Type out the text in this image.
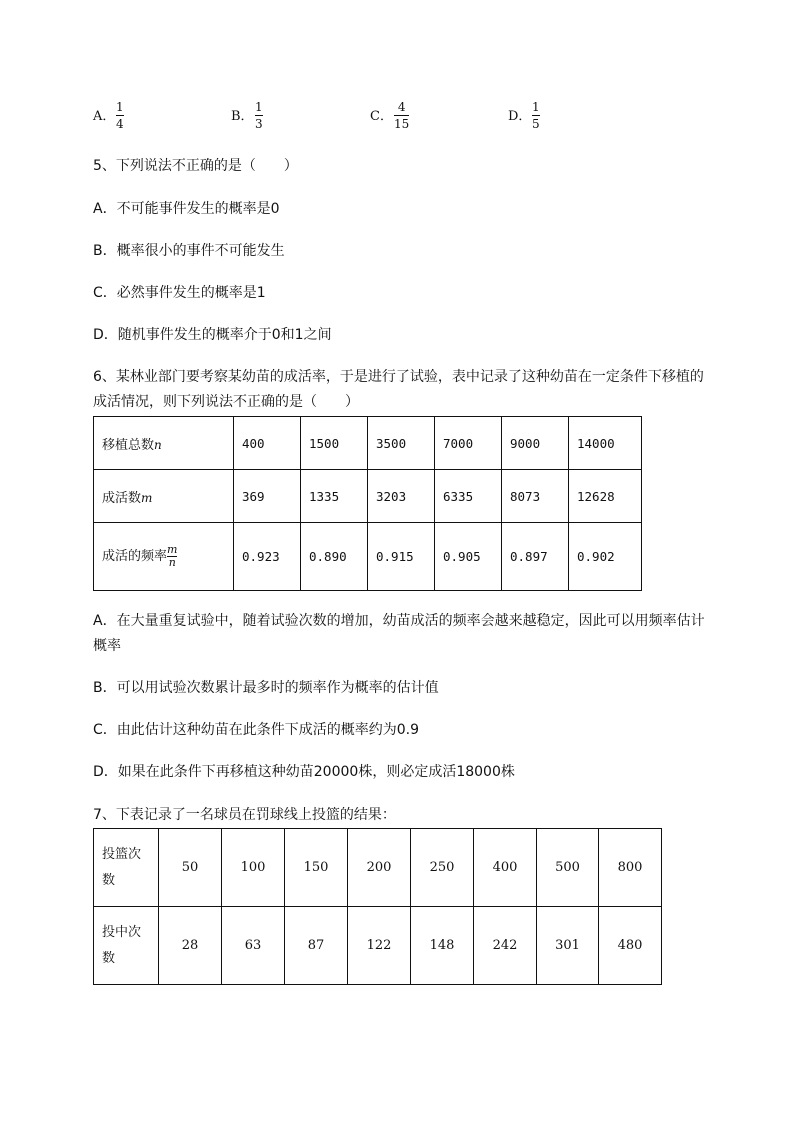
A．
1
4	B．
1
3	C．
4
15	D．
1
5
5、下列说法不正确的是（　　）
A．不可能事件发生的概率是0
B．概率很小的事件不可能发生
C．必然事件发生的概率是1
D．随机事件发生的概率介于0和1之间
6、某林业部门要考察某幼苗的成活率，于是进行了试验，表中记录了这种幼苗在一定条件下移植的
成活情况，则下列说法不正确的是（　　）
移植总数n	400	1500	3500	7000	9000	14000
成活数m	369	1335	3203	6335	8073	12628
成活的频率 $\frac{m}{n}$	0.923	0.890	0.915	0.905	0.897	0.902
A．在大量重复试验中，随着试验次数的增加，幼苗成活的频率会越来越稳定，因此可以用频率估计
概率
B．可以用试验次数累计最多时的频率作为概率的估计值
C．由此估计这种幼苗在此条件下成活的概率约为0.9
D．如果在此条件下再移植这种幼苗20000株，则必定成活18000株
7、下表记录了一名球员在罚球线上投篮的结果：
投篮次
数	50	100	150	200	250	400	500	800
投中次
数	28	63	87	122	148	242	301	480
